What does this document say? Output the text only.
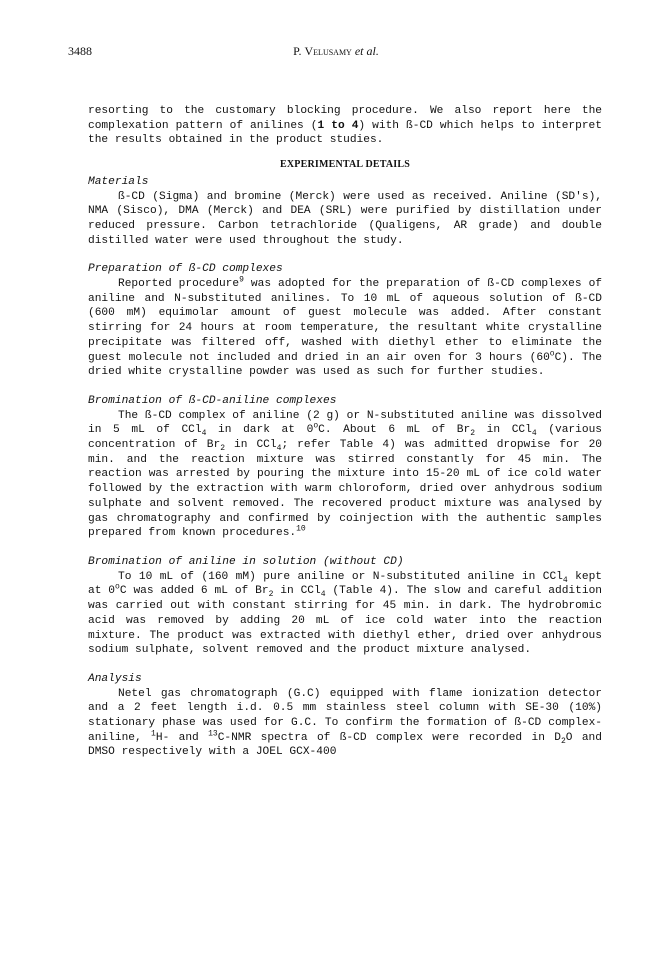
3488	P. Velusamy et al.

resorting to the customary blocking procedure. We also report here the complexation pattern of anilines (1 to 4) with ß-CD which helps to interpret the results obtained in the product studies.

EXPERIMENTAL DETAILS

Materials

ß-CD (Sigma) and bromine (Merck) were used as received. Aniline (SD's), NMA (Sisco), DMA (Merck) and DEA (SRL) were purified by distillation under reduced pressure. Carbon tetrachloride (Qualigens, AR grade) and double distilled water were used throughout the study.

Preparation of ß-CD complexes

Reported procedure$^9$ was adopted for the preparation of ß-CD complexes of aniline and N-substituted anilines. To 10 mL of aqueous solution of ß-CD (600 mM) equimolar amount of guest molecule was added. After constant stirring for 24 hours at room temperature, the resultant white crystalline precipitate was filtered off, washed with diethyl ether to eliminate the guest molecule not included and dried in an air oven for 3 hours (60$^o$C). The dried white crystalline powder was used as such for further studies.

Bromination of ß-CD-aniline complexes

The ß-CD complex of aniline (2 g) or N-substituted aniline was dissolved in 5 mL of CCl$_4$ in dark at 0$^o$C. About 6 mL of $Br_2$ in CCl$_4$ (various concentration of $Br_2$ in CCl$_4$; refer Table 4) was admitted dropwise for 20 min. and the reaction mixture was stirred constantly for 45 min. The reaction was arrested by pouring the mixture into 15-20 mL of ice cold water followed by the extraction with warm chloroform, dried over anhydrous sodium sulphate and solvent removed. The recovered product mixture was analysed by gas chromatography and confirmed by coinjection with the authentic samples prepared from known procedures.$^{10}$

Bromination of aniline in solution (without CD)

To 10 mL of (160 mM) pure aniline or N-substituted aniline in CCl$_4$ kept at 0$^o$C was added 6 mL of $Br_2$ in CCl$_4$ (Table 4). The slow and careful addition was carried out with constant stirring for 45 min. in dark. The hydrobromic acid was removed by adding 20 mL of ice cold water into the reaction mixture. The product was extracted with diethyl ether, dried over anhydrous sodium sulphate, solvent removed and the product mixture analysed.

Analysis

Netel gas chromatograph (G.C) equipped with flame ionization detector and a 2 feet length i.d. 0.5 mm stainless steel column with SE-30 (10%) stationary phase was used for G.C. To confirm the formation of ß-CD complex-aniline, $^1$H- and $^{13}$C-NMR spectra of ß-CD complex were recorded in $D_2O$ and DMSO respectively with a JOEL GCX-400
